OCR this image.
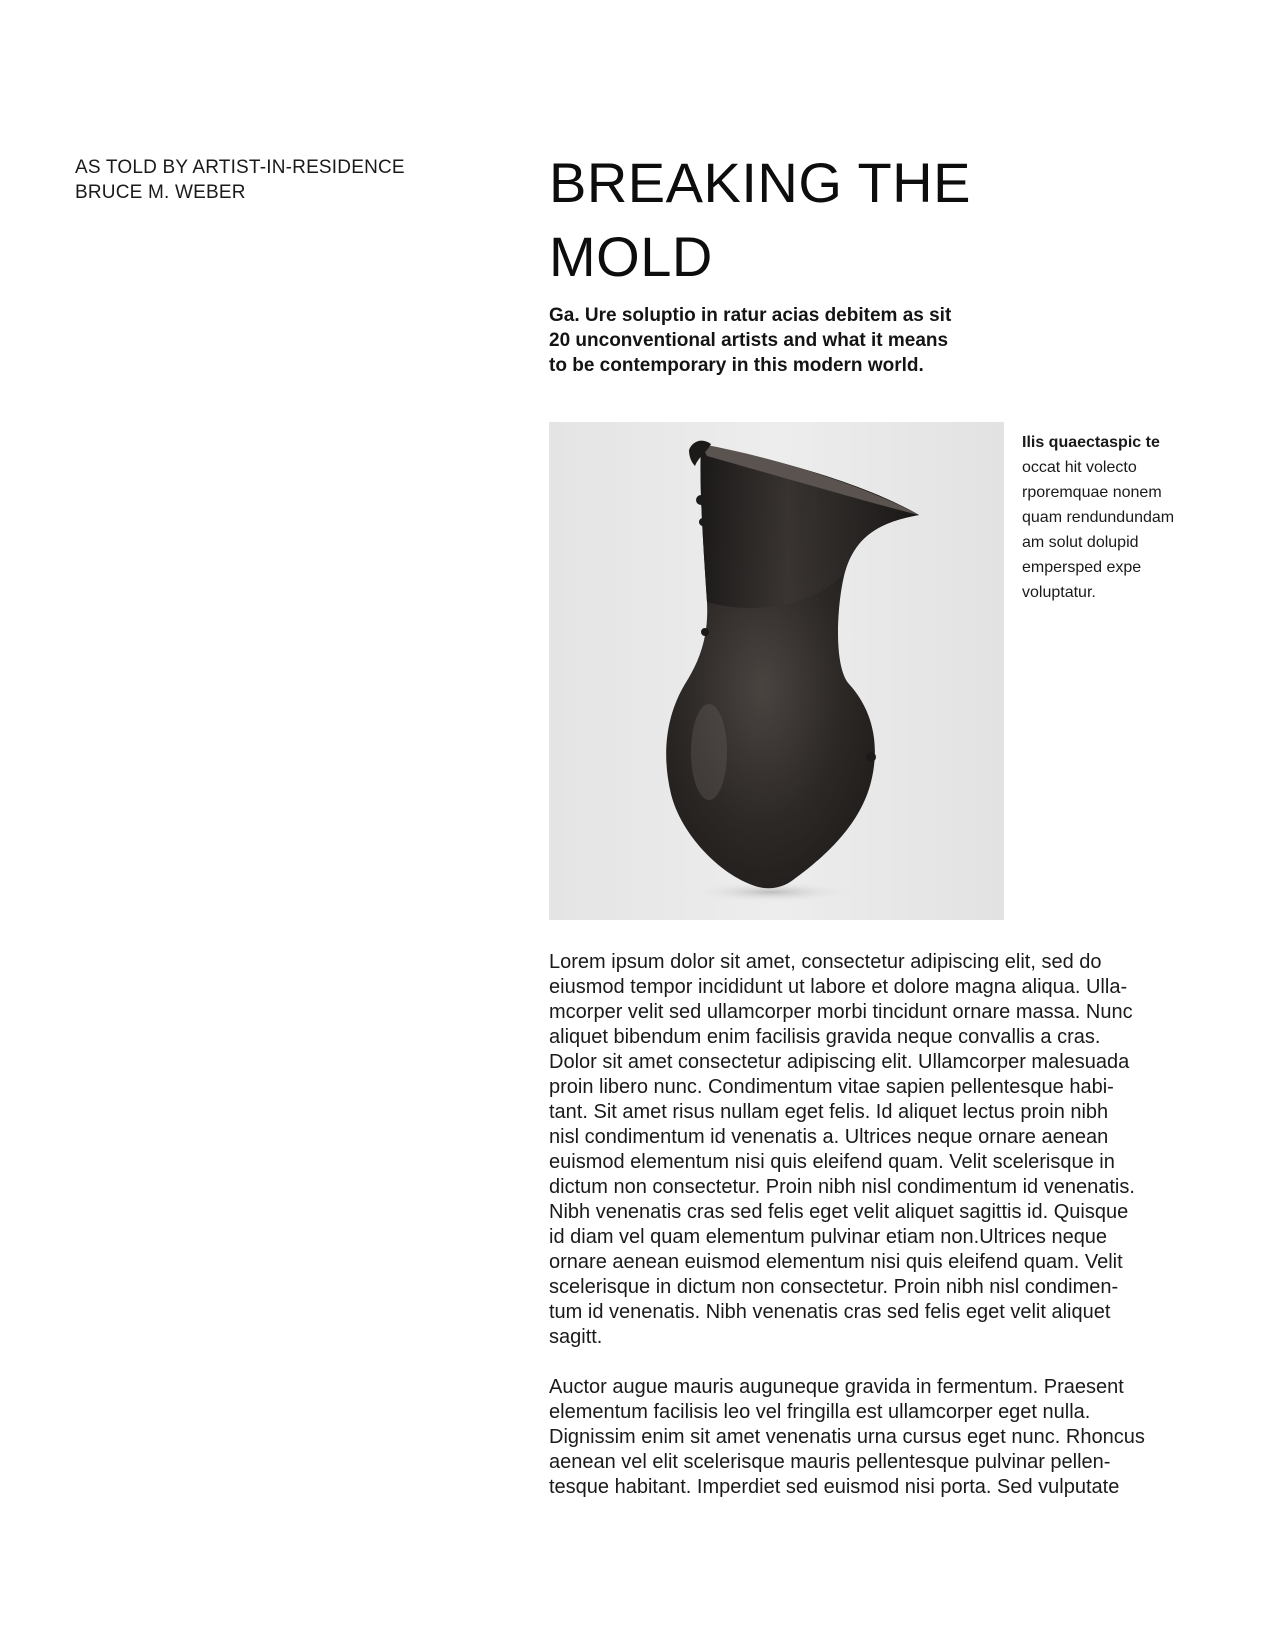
AS TOLD BY ARTIST-IN-RESIDENCE
BRUCE M. WEBER	BREAKING THE
MOLD
Ga. Ure soluptio in ratur acias debitem as sit
20 unconventional artists and what it means
to be contemporary in this modern world.
Ilis quaectaspic te
occat hit volecto
rporemquae nonem
quam rendundundam
am solut dolupid
empersped expe
voluptatur.
Lorem ipsum dolor sit amet, consectetur adipiscing elit, sed do
eiusmod tempor incididunt ut labore et dolore magna aliqua. Ulla-
mcorper velit sed ullamcorper morbi tincidunt ornare massa. Nunc
aliquet bibendum enim facilisis gravida neque convallis a cras.
Dolor sit amet consectetur adipiscing elit. Ullamcorper malesuada
proin libero nunc. Condimentum vitae sapien pellentesque habi-
tant. Sit amet risus nullam eget felis. Id aliquet lectus proin nibh
nisl condimentum id venenatis a. Ultrices neque ornare aenean
euismod elementum nisi quis eleifend quam. Velit scelerisque in
dictum non consectetur. Proin nibh nisl condimentum id venenatis.
Nibh venenatis cras sed felis eget velit aliquet sagittis id. Quisque
id diam vel quam elementum pulvinar etiam non.Ultrices neque
ornare aenean euismod elementum nisi quis eleifend quam. Velit
scelerisque in dictum non consectetur. Proin nibh nisl condimen-
tum id venenatis. Nibh venenatis cras sed felis eget velit aliquet
sagitt.
Auctor augue mauris auguneque gravida in fermentum. Praesent
elementum facilisis leo vel fringilla est ullamcorper eget nulla.
Dignissim enim sit amet venenatis urna cursus eget nunc. Rhoncus
aenean vel elit scelerisque mauris pellentesque pulvinar pellen-
tesque habitant. Imperdiet sed euismod nisi porta. Sed vulputate
